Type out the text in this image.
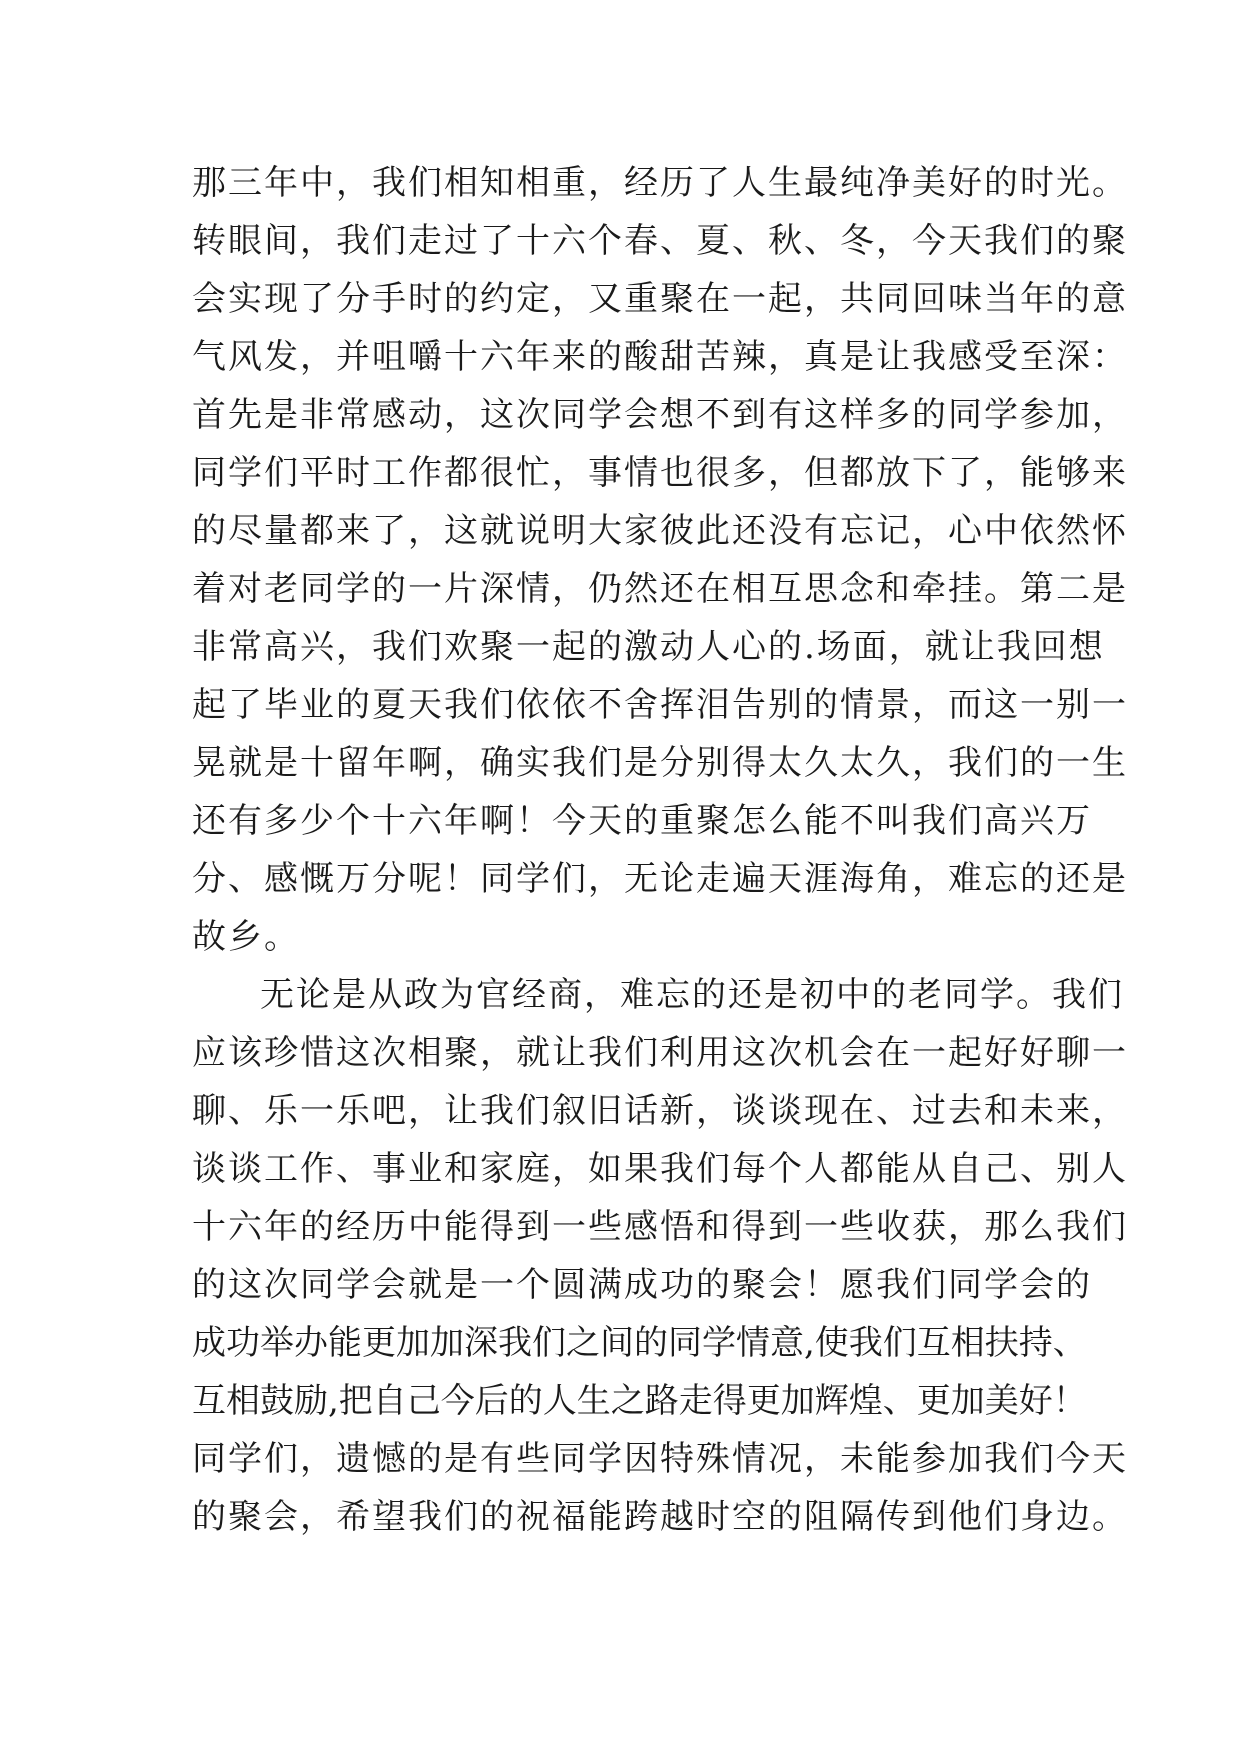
那三年中，我们相知相重，经历了人生最纯净美好的时光。
转眼间，我们走过了十六个春、夏、秋、冬，今天我们的聚
会实现了分手时的约定，又重聚在一起，共同回味当年的意
气风发，并咀嚼十六年来的酸甜苦辣，真是让我感受至深：
首先是非常感动，这次同学会想不到有这样多的同学参加，
同学们平时工作都很忙，事情也很多，但都放下了，能够来
的尽量都来了，这就说明大家彼此还没有忘记，心中依然怀
着对老同学的一片深情，仍然还在相互思念和牵挂。第二是
非常高兴，我们欢聚一起的激动人心的.场面，就让我回想
起了毕业的夏天我们依依不舍挥泪告别的情景，而这一别一
晃就是十留年啊，确实我们是分别得太久太久，我们的一生
还有多少个十六年啊！今天的重聚怎么能不叫我们高兴万
分、感慨万分呢！同学们，无论走遍天涯海角，难忘的还是
故乡。
无论是从政为官经商，难忘的还是初中的老同学。我们
应该珍惜这次相聚，就让我们利用这次机会在一起好好聊一
聊、乐一乐吧，让我们叙旧话新，谈谈现在、过去和未来，
谈谈工作、事业和家庭，如果我们每个人都能从自己、别人
十六年的经历中能得到一些感悟和得到一些收获，那么我们
的这次同学会就是一个圆满成功的聚会！愿我们同学会的
成功举办能更加加深我们之间的同学情意,使我们互相扶持、
互相鼓励,把自己今后的人生之路走得更加辉煌、更加美好！
同学们，遗憾的是有些同学因特殊情况，未能参加我们今天
的聚会，希望我们的祝福能跨越时空的阻隔传到他们身边。
